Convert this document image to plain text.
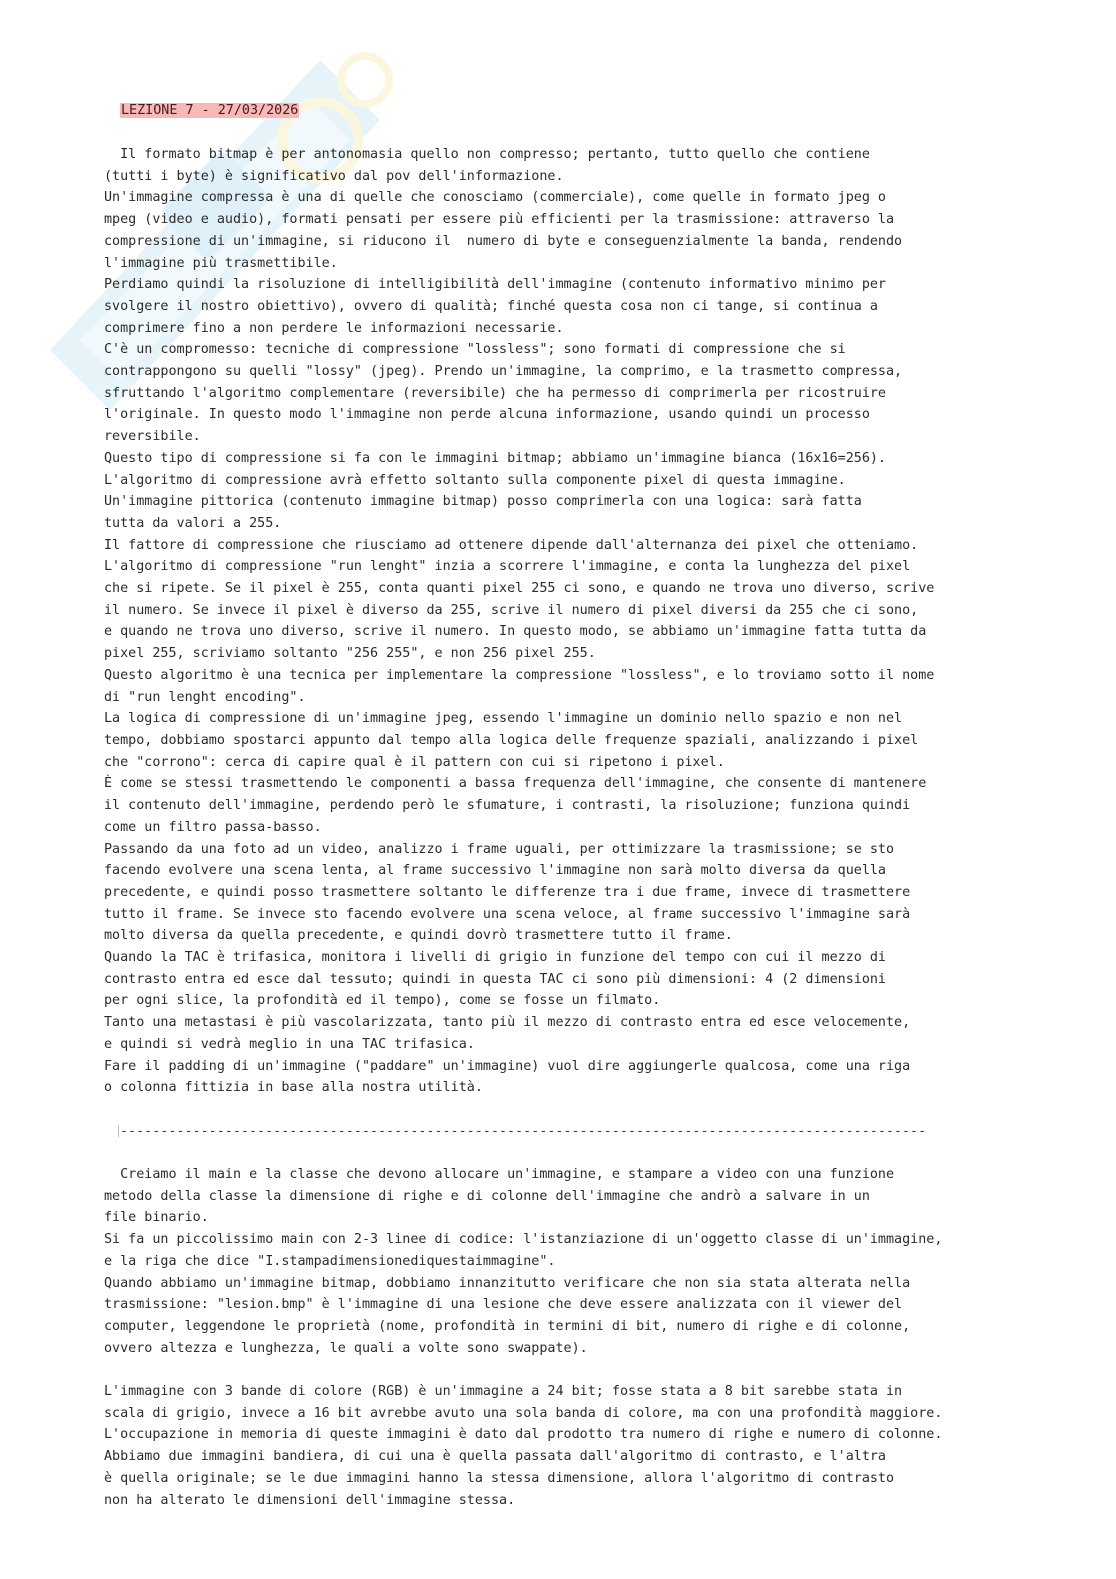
LEZIONE 7 - 27/03/2026

Il formato bitmap è per antonomasia quello non compresso; pertanto, tutto quello che contiene
(tutti i byte) è significativo dal pov dell'informazione.
Un'immagine compressa è una di quelle che conosciamo (commerciale), come quelle in formato jpeg o
mpeg (video e audio), formati pensati per essere più efficienti per la trasmissione: attraverso la
compressione di un'immagine, si riducono il  numero di byte e conseguenzialmente la banda, rendendo
l'immagine più trasmettibile.
Perdiamo quindi la risoluzione di intelligibilità dell'immagine (contenuto informativo minimo per
svolgere il nostro obiettivo), ovvero di qualità; finché questa cosa non ci tange, si continua a
comprimere fino a non perdere le informazioni necessarie.
C'è un compromesso: tecniche di compressione "lossless"; sono formati di compressione che si
contrappongono su quelli "lossy" (jpeg). Prendo un'immagine, la comprimo, e la trasmetto compressa,
sfruttando l'algoritmo complementare (reversibile) che ha permesso di comprimerla per ricostruire
l'originale. In questo modo l'immagine non perde alcuna informazione, usando quindi un processo
reversibile.
Questo tipo di compressione si fa con le immagini bitmap; abbiamo un'immagine bianca (16x16=256).
L'algoritmo di compressione avrà effetto soltanto sulla componente pixel di questa immagine.
Un'immagine pittorica (contenuto immagine bitmap) posso comprimerla con una logica: sarà fatta
tutta da valori a 255.
Il fattore di compressione che riusciamo ad ottenere dipende dall'alternanza dei pixel che otteniamo.
L'algoritmo di compressione "run lenght" inzia a scorrere l'immagine, e conta la lunghezza del pixel
che si ripete. Se il pixel è 255, conta quanti pixel 255 ci sono, e quando ne trova uno diverso, scrive
il numero. Se invece il pixel è diverso da 255, scrive il numero di pixel diversi da 255 che ci sono,
e quando ne trova uno diverso, scrive il numero. In questo modo, se abbiamo un'immagine fatta tutta da
pixel 255, scriviamo soltanto "256 255", e non 256 pixel 255.
Questo algoritmo è una tecnica per implementare la compressione "lossless", e lo troviamo sotto il nome
di "run lenght encoding".
La logica di compressione di un'immagine jpeg, essendo l'immagine un dominio nello spazio e non nel
tempo, dobbiamo spostarci appunto dal tempo alla logica delle frequenze spaziali, analizzando i pixel
che "corrono": cerca di capire qual è il pattern con cui si ripetono i pixel.
È come se stessi trasmettendo le componenti a bassa frequenza dell'immagine, che consente di mantenere
il contenuto dell'immagine, perdendo però le sfumature, i contrasti, la risoluzione; funziona quindi
come un filtro passa-basso.
Passando da una foto ad un video, analizzo i frame uguali, per ottimizzare la trasmissione; se sto
facendo evolvere una scena lenta, al frame successivo l'immagine non sarà molto diversa da quella
precedente, e quindi posso trasmettere soltanto le differenze tra i due frame, invece di trasmettere
tutto il frame. Se invece sto facendo evolvere una scena veloce, al frame successivo l'immagine sarà
molto diversa da quella precedente, e quindi dovrò trasmettere tutto il frame.
Quando la TAC è trifasica, monitora i livelli di grigio in funzione del tempo con cui il mezzo di
contrasto entra ed esce dal tessuto; quindi in questa TAC ci sono più dimensioni: 4 (2 dimensioni
per ogni slice, la profondità ed il tempo), come se fosse un filmato.
Tanto una metastasi è più vascolarizzata, tanto più il mezzo di contrasto entra ed esce velocemente,
e quindi si vedrà meglio in una TAC trifasica.
Fare il padding di un'immagine ("paddare" un'immagine) vuol dire aggiungerle qualcosa, come una riga
o colonna fittizia in base alla nostra utilità.

----------------------------------------------------------------------------------------------------

Creiamo il main e la classe che devono allocare un'immagine, e stampare a video con una funzione
metodo della classe la dimensione di righe e di colonne dell'immagine che andrò a salvare in un
file binario.
Si fa un piccolissimo main con 2-3 linee di codice: l'istanziazione di un'oggetto classe di un'immagine,
e la riga che dice "I.stampadimensionediquestaimmagine".
Quando abbiamo un'immagine bitmap, dobbiamo innanzitutto verificare che non sia stata alterata nella
trasmissione: "lesion.bmp" è l'immagine di una lesione che deve essere analizzata con il viewer del
computer, leggendone le proprietà (nome, profondità in termini di bit, numero di righe e di colonne,
ovvero altezza e lunghezza, le quali a volte sono swappate).

L'immagine con 3 bande di colore (RGB) è un'immagine a 24 bit; fosse stata a 8 bit sarebbe stata in
scala di grigio, invece a 16 bit avrebbe avuto una sola banda di colore, ma con una profondità maggiore.
L'occupazione in memoria di queste immagini è dato dal prodotto tra numero di righe e numero di colonne.
Abbiamo due immagini bandiera, di cui una è quella passata dall'algoritmo di contrasto, e l'altra
è quella originale; se le due immagini hanno la stessa dimensione, allora l'algoritmo di contrasto
non ha alterato le dimensioni dell'immagine stessa.
